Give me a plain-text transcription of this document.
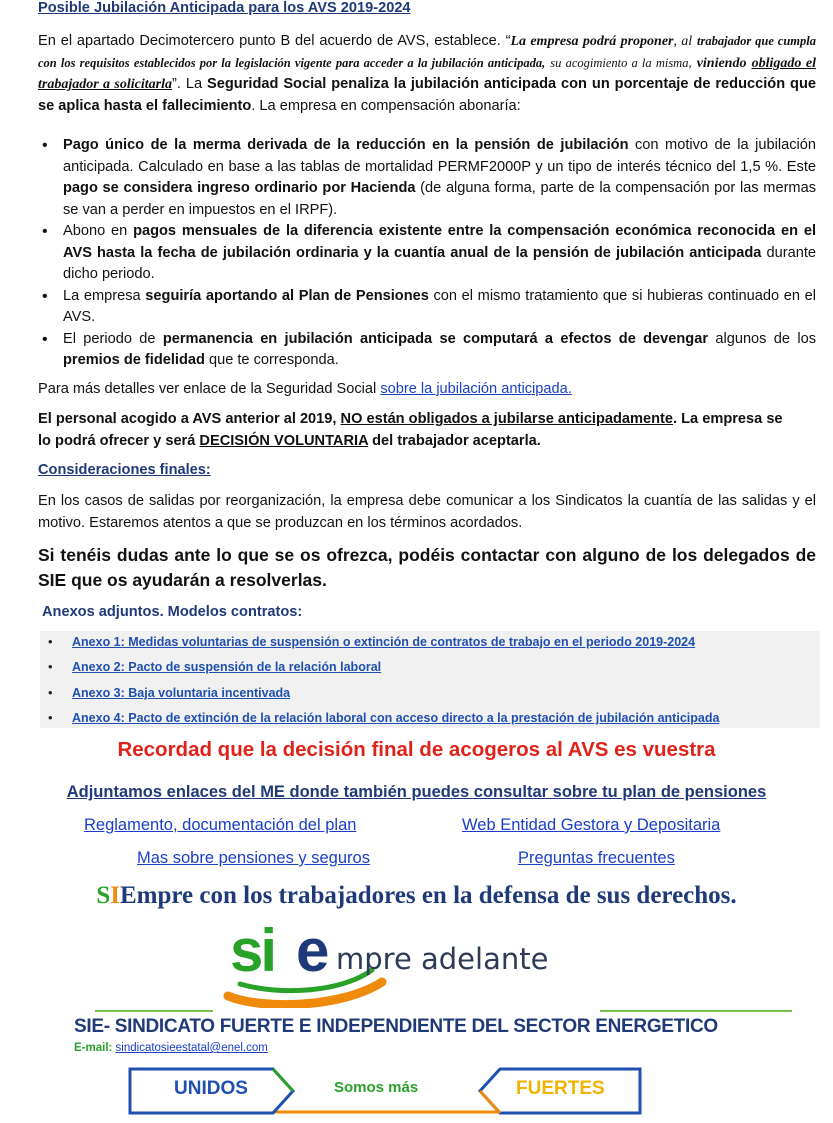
Posible Jubilación Anticipada para los AVS 2019-2024
En el apartado Decimotercero punto B del acuerdo de AVS, establece. “La empresa podrá proponer, al trabajador que cumpla con los requisitos establecidos por la legislación vigente para acceder a la jubilación anticipada, su acogimiento a la misma, viniendo obligado el trabajador a solicitarla”. La Seguridad Social penaliza la jubilación anticipada con un porcentaje de reducción que se aplica hasta el fallecimiento. La empresa en compensación abonaría:
• Pago único de la merma derivada de la reducción en la pensión de jubilación con motivo de la jubilación anticipada. Calculado en base a las tablas de mortalidad PERMF2000P y un tipo de interés técnico del 1,5 %. Este pago se considera ingreso ordinario por Hacienda (de alguna forma, parte de la compensación por las mermas se van a perder en impuestos en el IRPF).
• Abono en pagos mensuales de la diferencia existente entre la compensación económica reconocida en el AVS hasta la fecha de jubilación ordinaria y la cuantía anual de la pensión de jubilación anticipada durante dicho periodo.
• La empresa seguiría aportando al Plan de Pensiones con el mismo tratamiento que si hubieras continuado en el AVS.
• El periodo de permanencia en jubilación anticipada se computará a efectos de devengar algunos de los premios de fidelidad que te corresponda.
Para más detalles ver enlace de la Seguridad Social sobre la jubilación anticipada.
El personal acogido a AVS anterior al 2019, NO están obligados a jubilarse anticipadamente. La empresa se lo podrá ofrecer y será DECISIÓN VOLUNTARIA del trabajador aceptarla.
Consideraciones finales:
En los casos de salidas por reorganización, la empresa debe comunicar a los Sindicatos la cuantía de las salidas y el motivo. Estaremos atentos a que se produzcan en los términos acordados.
Si tenéis dudas ante lo que se os ofrezca, podéis contactar con alguno de los delegados de SIE que os ayudarán a resolverlas.
Anexos adjuntos. Modelos contratos:
• Anexo 1: Medidas voluntarias de suspensión o extinción de contratos de trabajo en el periodo 2019-2024
• Anexo 2: Pacto de suspensión de la relación laboral
• Anexo 3: Baja voluntaria incentivada
• Anexo 4: Pacto de extinción de la relación laboral con acceso directo a la prestación de jubilación anticipada
Recordad que la decisión final de acogeros al AVS es vuestra
Adjuntamos enlaces del ME donde también puedes consultar sobre tu plan de pensiones
Reglamento, documentación del plan	Web Entidad Gestora y Depositaria
Mas sobre pensiones y seguros	Preguntas frecuentes
SIEmpre con los trabajadores en la defensa de sus derechos.
si e mpre adelante
SIE- SINDICATO FUERTE E INDEPENDIENTE DEL SECTOR ENERGETICO
E-mail: sindicatosieestatal@enel.com
UNIDOS	Somos más	FUERTES
